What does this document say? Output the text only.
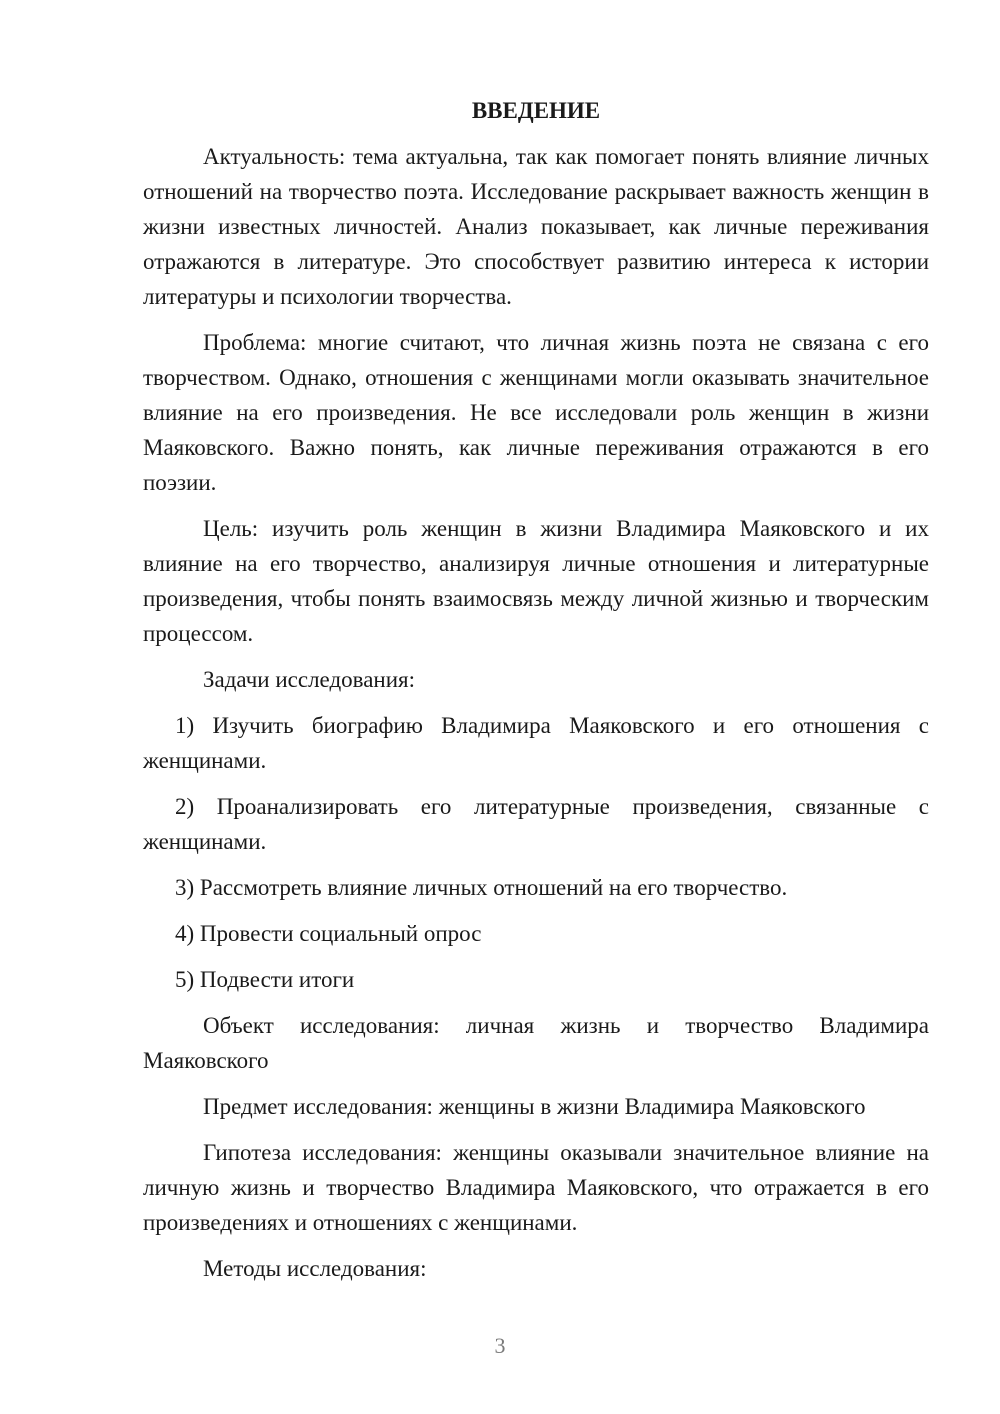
ВВЕДЕНИЕ

Актуальность: тема актуальна, так как помогает понять влияние личных отношений на творчество поэта. Исследование раскрывает важность женщин в жизни известных личностей. Анализ показывает, как личные переживания отражаются в литературе. Это способствует развитию интереса к истории литературы и психологии творчества.

Проблема: многие считают, что личная жизнь поэта не связана с его творчеством. Однако, отношения с женщинами могли оказывать значительное влияние на его произведения. Не все исследовали роль женщин в жизни Маяковского. Важно понять, как личные переживания отражаются в его поэзии.

Цель: изучить роль женщин в жизни Владимира Маяковского и их влияние на его творчество, анализируя личные отношения и литературные произведения, чтобы понять взаимосвязь между личной жизнью и творческим процессом.

Задачи исследования:

1) Изучить биографию Владимира Маяковского и его отношения с женщинами.

2) Проанализировать его литературные произведения, связанные с женщинами.

3) Рассмотреть влияние личных отношений на его творчество.

4) Провести социальный опрос

5) Подвести итоги

Объект исследования: личная жизнь и творчество Владимира Маяковского

Предмет исследования: женщины в жизни Владимира Маяковского

Гипотеза исследования: женщины оказывали значительное влияние на личную жизнь и творчество Владимира Маяковского, что отражается в его произведениях и отношениях с женщинами.

Методы исследования:

3
